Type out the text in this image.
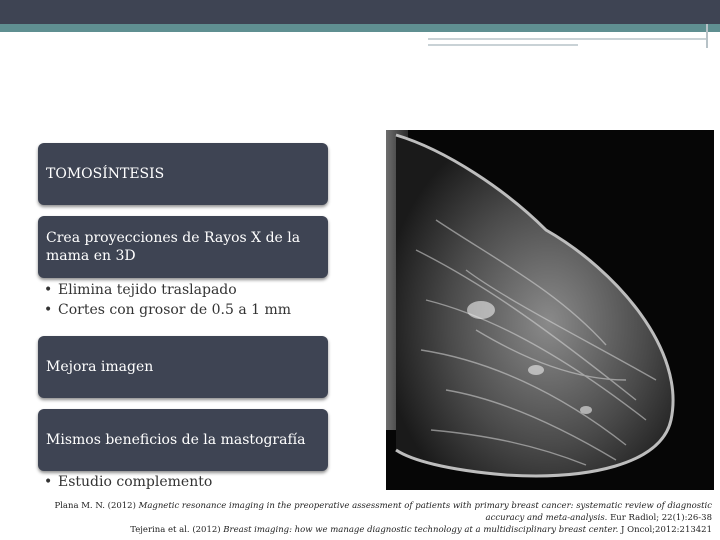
TOMOSÍNTESIS
Crea proyecciones de Rayos X de la mama en 3D
• Elimina tejido traslapado
• Cortes con grosor de 0.5 a 1 mm
Mejora imagen
Mismos beneficios de la mastografía
• Estudio complemento
Plana M. N. (2012) Magnetic resonance imaging in the preoperative assessment of patients with primary breast cancer: systematic review of diagnostic accuracy and meta-analysis. Eur Radiol; 22(1):26-38
Tejerina et al. (2012) Breast imaging: how we manage diagnostic technology at a multidisciplinary breast center. J Oncol;2012:213421
